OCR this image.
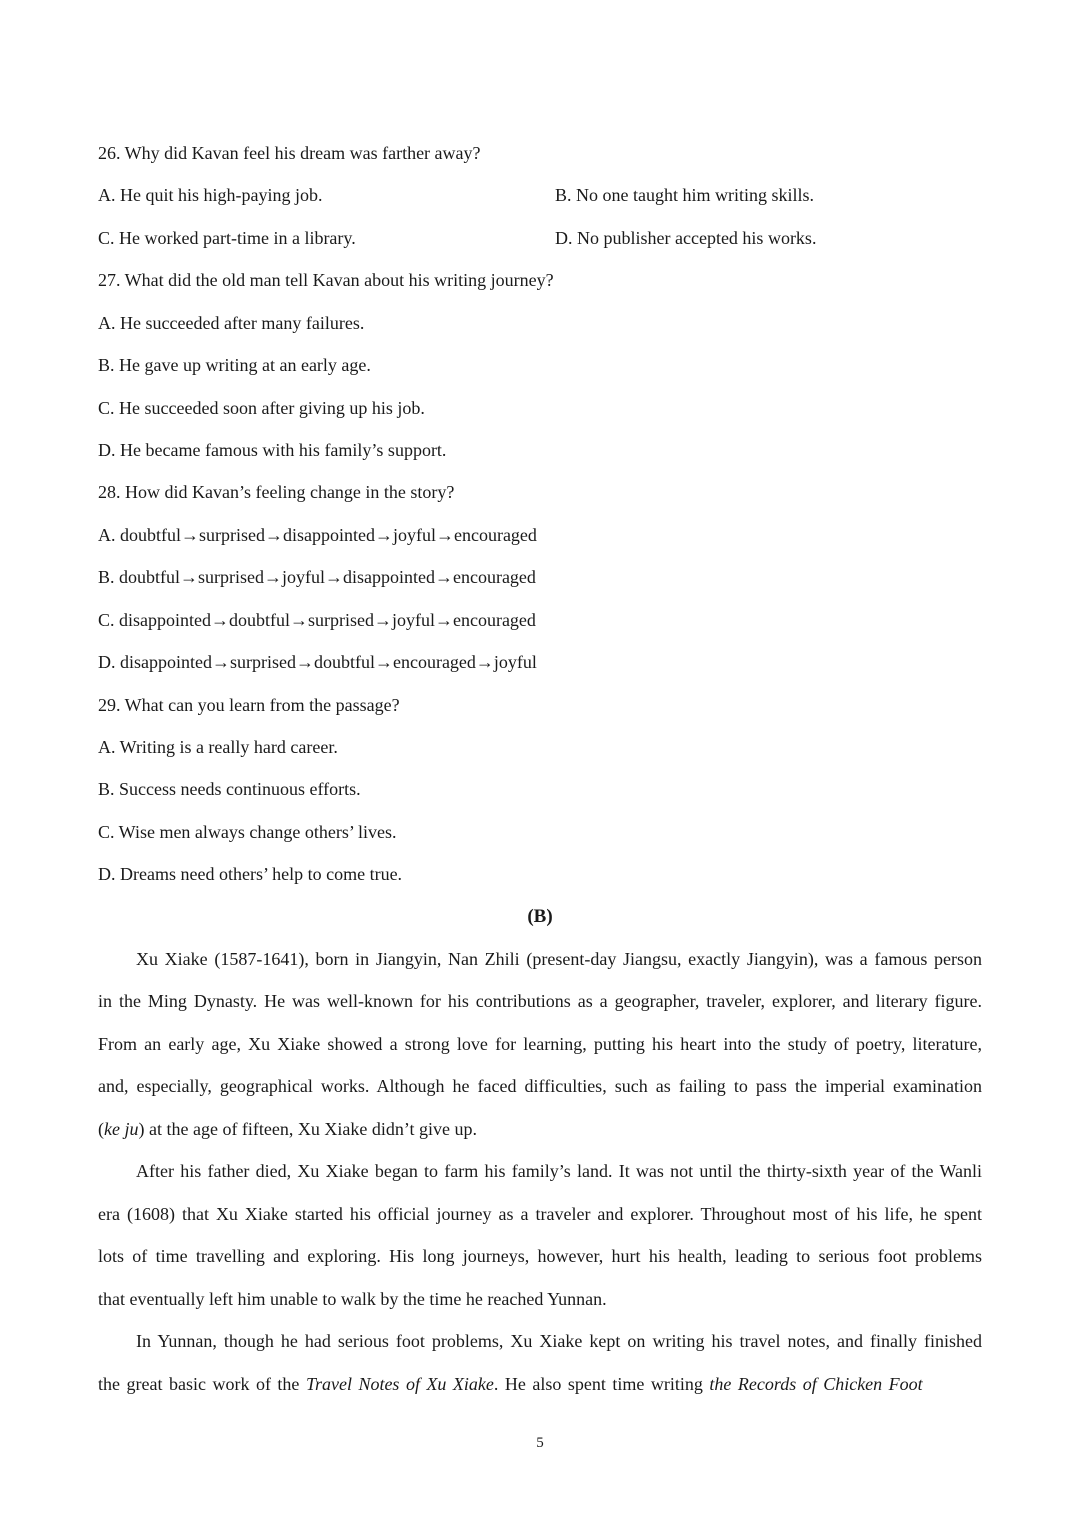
26. Why did Kavan feel his dream was farther away?
A. He quit his high-paying job.	B. No one taught him writing skills.
C. He worked part-time in a library.	D. No publisher accepted his works.
27. What did the old man tell Kavan about his writing journey?
A. He succeeded after many failures.
B. He gave up writing at an early age.
C. He succeeded soon after giving up his job.
D. He became famous with his family’s support.
28. How did Kavan’s feeling change in the story?
A. doubtful→surprised→disappointed→joyful→encouraged
B. doubtful→surprised→joyful→disappointed→encouraged
C. disappointed→doubtful→surprised→joyful→encouraged
D. disappointed→surprised→doubtful→encouraged→joyful
29. What can you learn from the passage?
A. Writing is a really hard career.
B. Success needs continuous efforts.
C. Wise men always change others’ lives.
D. Dreams need others’ help to come true.
(B)
Xu Xiake (1587-1641), born in Jiangyin, Nan Zhili (present-day Jiangsu, exactly Jiangyin), was a famous person
in the Ming Dynasty. He was well-known for his contributions as a geographer, traveler, explorer, and literary figure.
From an early age, Xu Xiake showed a strong love for learning, putting his heart into the study of poetry, literature,
and, especially, geographical works. Although he faced difficulties, such as failing to pass the imperial examination
(ke ju) at the age of fifteen, Xu Xiake didn’t give up.
After his father died, Xu Xiake began to farm his family’s land. It was not until the thirty-sixth year of the Wanli
era (1608) that Xu Xiake started his official journey as a traveler and explorer. Throughout most of his life, he spent
lots of time travelling and exploring. His long journeys, however, hurt his health, leading to serious foot problems
that eventually left him unable to walk by the time he reached Yunnan.
In Yunnan, though he had serious foot problems, Xu Xiake kept on writing his travel notes, and finally finished
the great basic work of the Travel Notes of Xu Xiake. He also spent time writing the Records of Chicken Foot
5
